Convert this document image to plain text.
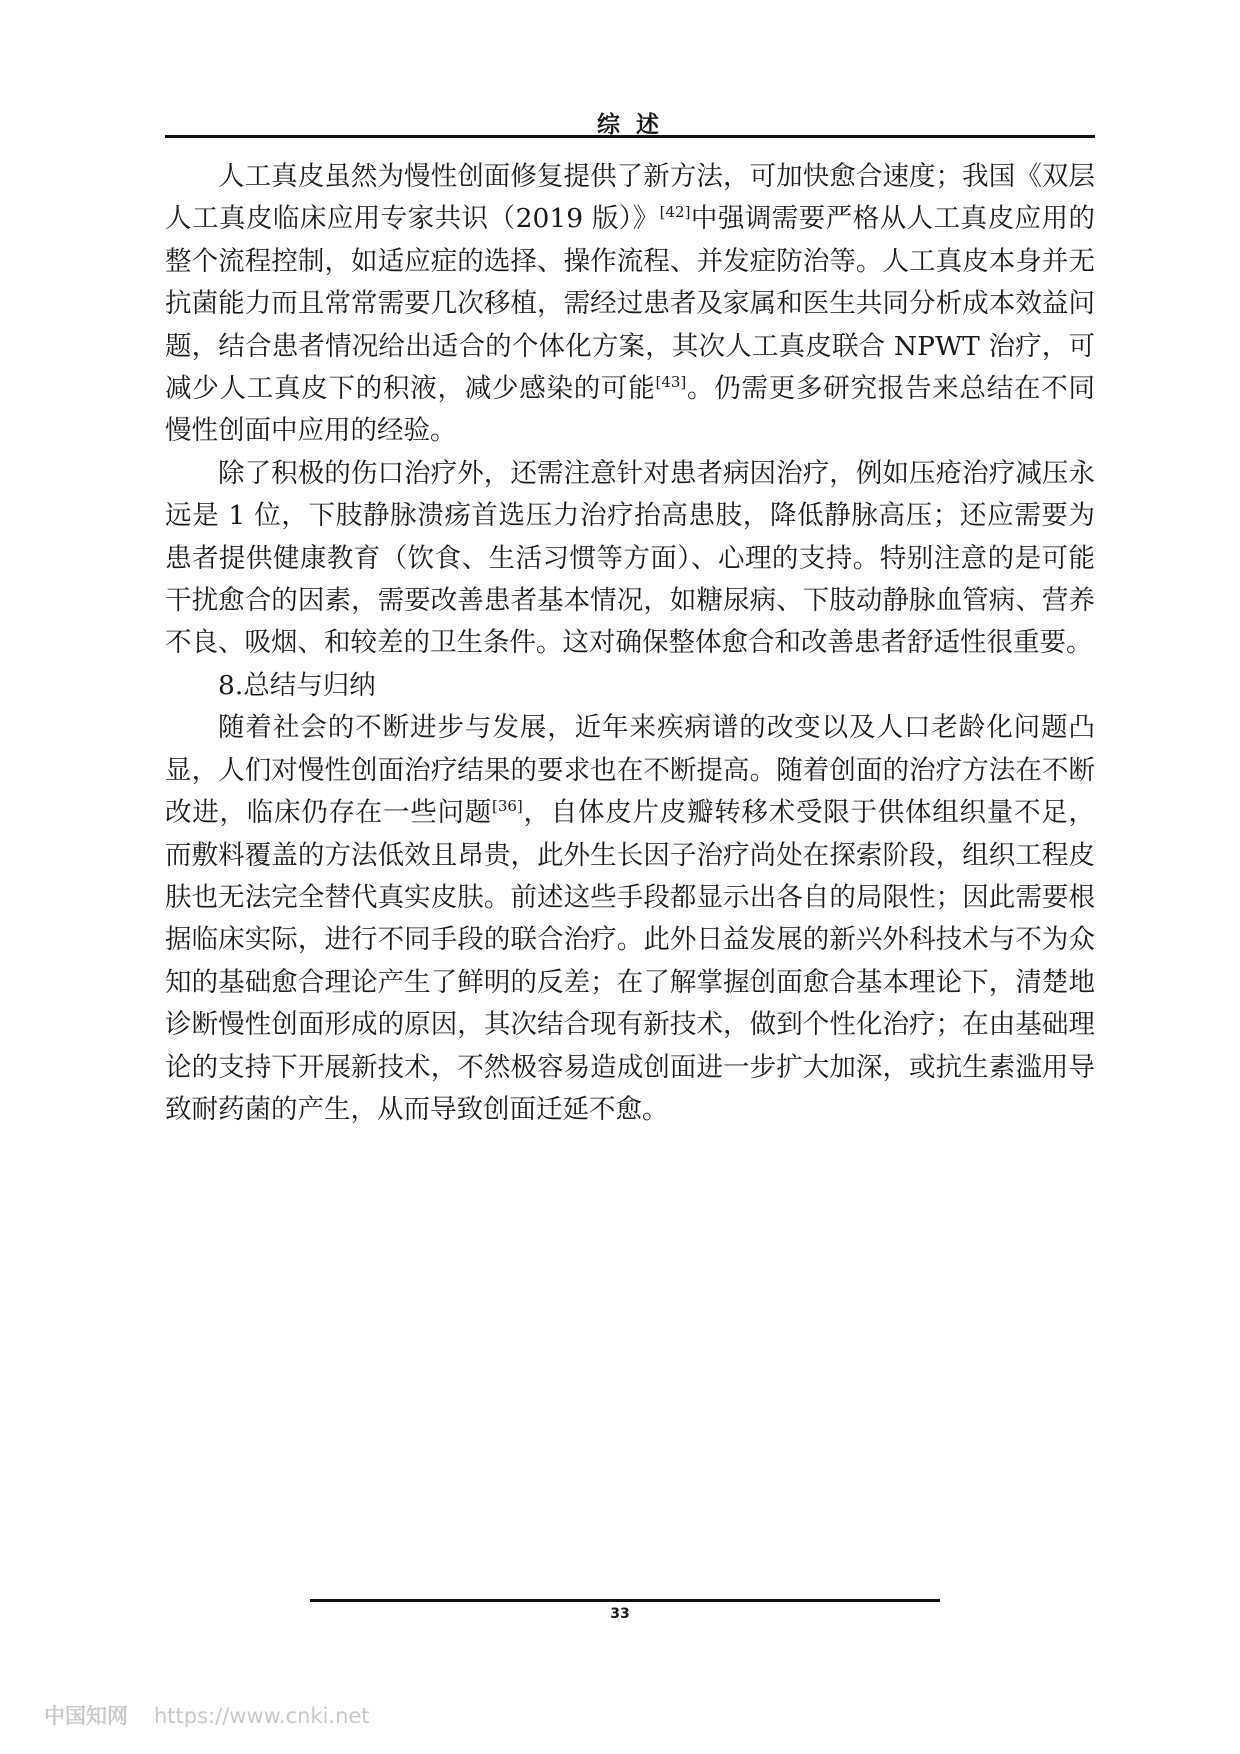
综 述

人工真皮虽然为慢性创面修复提供了新方法，可加快愈合速度；我国《双层人工真皮临床应用专家共识（2019 版）》[42]中强调需要严格从人工真皮应用的整个流程控制，如适应症的选择、操作流程、并发症防治等。人工真皮本身并无抗菌能力而且常常需要几次移植，需经过患者及家属和医生共同分析成本效益问题，结合患者情况给出适合的个体化方案，其次人工真皮联合 NPWT 治疗，可减少人工真皮下的积液，减少感染的可能[43]。仍需更多研究报告来总结在不同慢性创面中应用的经验。

除了积极的伤口治疗外，还需注意针对患者病因治疗，例如压疮治疗减压永远是 1 位，下肢静脉溃疡首选压力治疗抬高患肢，降低静脉高压；还应需要为患者提供健康教育（饮食、生活习惯等方面）、心理的支持。特别注意的是可能干扰愈合的因素，需要改善患者基本情况，如糖尿病、下肢动静脉血管病、营养不良、吸烟、和较差的卫生条件。这对确保整体愈合和改善患者舒适性很重要。

8.总结与归纳

随着社会的不断进步与发展，近年来疾病谱的改变以及人口老龄化问题凸显，人们对慢性创面治疗结果的要求也在不断提高。随着创面的治疗方法在不断改进，临床仍存在一些问题[36]，自体皮片皮瓣转移术受限于供体组织量不足，而敷料覆盖的方法低效且昂贵，此外生长因子治疗尚处在探索阶段，组织工程皮肤也无法完全替代真实皮肤。前述这些手段都显示出各自的局限性；因此需要根据临床实际，进行不同手段的联合治疗。此外日益发展的新兴外科技术与不为众知的基础愈合理论产生了鲜明的反差；在了解掌握创面愈合基本理论下，清楚地诊断慢性创面形成的原因，其次结合现有新技术，做到个性化治疗；在由基础理论的支持下开展新技术，不然极容易造成创面进一步扩大加深，或抗生素滥用导致耐药菌的产生，从而导致创面迁延不愈。

33
中国知网 https://www.cnki.net
